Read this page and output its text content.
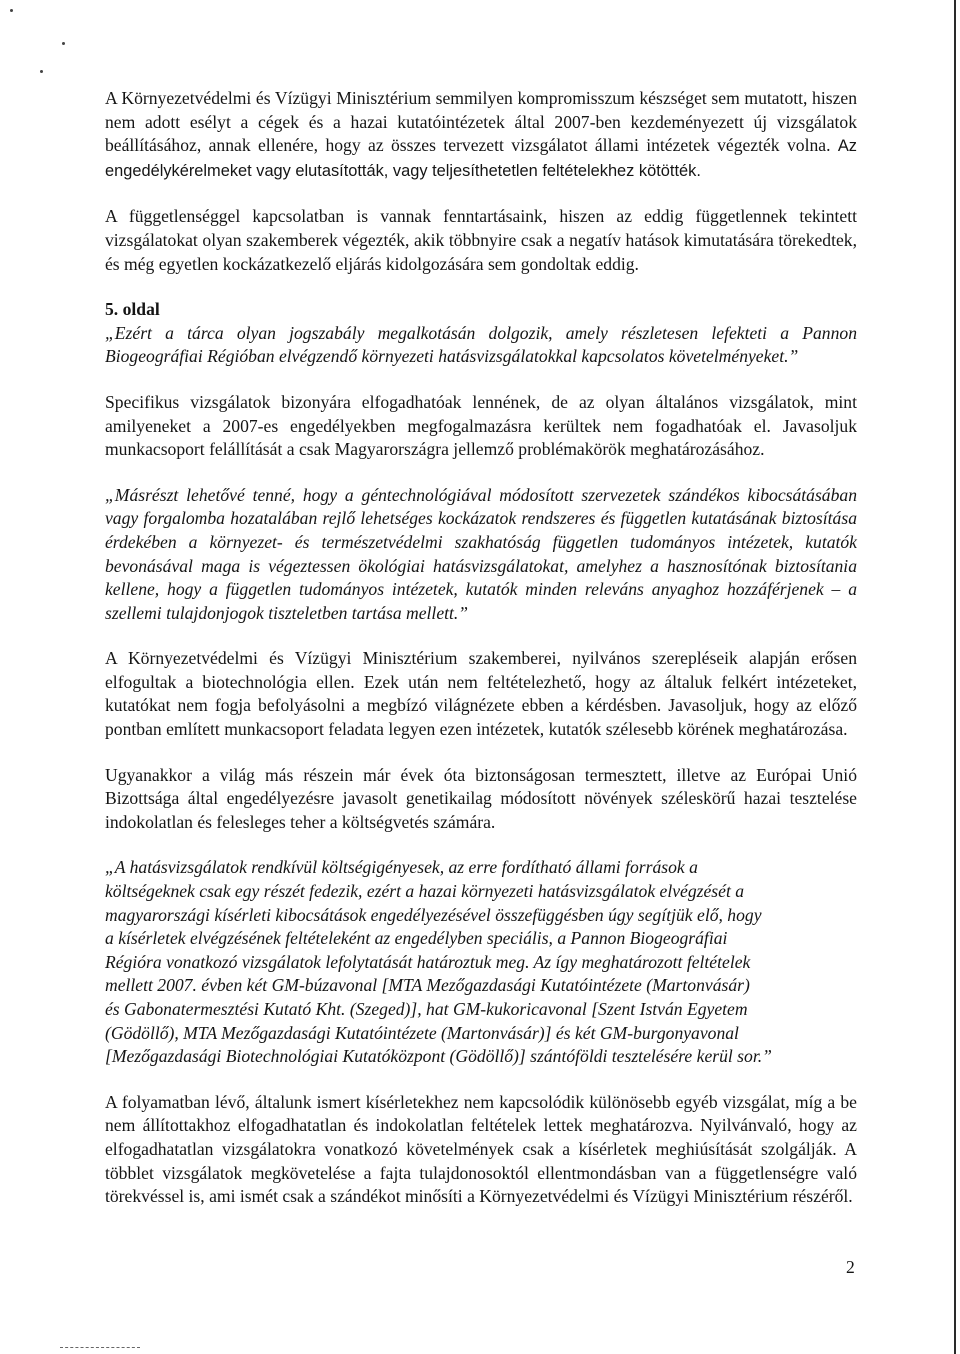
A Környezetvédelmi és Vízügyi Minisztérium semmilyen kompromisszum készséget sem mutatott, hiszen nem adott esélyt a cégek és a hazai kutatóintézetek által 2007-ben kezdeményezett új vizsgálatok beállításához, annak ellenére, hogy az összes tervezett vizsgálatot állami intézetek végezték volna. Az engedélykérelmeket vagy elutasították, vagy teljesíthetetlen feltételekhez kötötték.

A függetlenséggel kapcsolatban is vannak fenntartásaink, hiszen az eddig függetlennek tekintett vizsgálatokat olyan szakemberek végezték, akik többnyire csak a negatív hatások kimutatására törekedtek, és még egyetlen kockázatkezelő eljárás kidolgozására sem gondoltak eddig.

5. oldal

„Ezért a tárca olyan jogszabály megalkotásán dolgozik, amely részletesen lefekteti a Pannon Biogeográfiai Régióban elvégzendő környezeti hatásvizsgálatokkal kapcsolatos követelményeket.”

Specifikus vizsgálatok bizonyára elfogadhatóak lennének, de az olyan általános vizsgálatok, mint amilyeneket a 2007-es engedélyekben megfogalmazásra kerültek nem fogadhatóak el. Javasoljuk munkacsoport felállítását a csak Magyarországra jellemző problémakörök meghatározásához.

„Másrészt lehetővé tenné, hogy a géntechnológiával módosított szervezetek szándékos kibocsátásában vagy forgalomba hozatalában rejlő lehetséges kockázatok rendszeres és független kutatásának biztosítása érdekében a környezet- és természetvédelmi szakhatóság független tudományos intézetek, kutatók bevonásával maga is végeztessen ökológiai hatásvizsgálatokat, amelyhez a hasznosítónak biztosítania kellene, hogy a független tudományos intézetek, kutatók minden releváns anyaghoz hozzáférjenek – a szellemi tulajdonjogok tiszteletben tartása mellett.”

A Környezetvédelmi és Vízügyi Minisztérium szakemberei, nyilvános szerepléseik alapján erősen elfogultak a biotechnológia ellen. Ezek után nem feltételezhető, hogy az általuk felkért intézeteket, kutatókat nem fogja befolyásolni a megbízó világnézete ebben a kérdésben. Javasoljuk, hogy az előző pontban említett munkacsoport feladata legyen ezen intézetek, kutatók szélesebb körének meghatározása.

Ugyanakkor a világ más részein már évek óta biztonságosan termesztett, illetve az Európai Unió Bizottsága által engedélyezésre javasolt genetikailag módosított növények széleskörű hazai tesztelése indokolatlan és felesleges teher a költségvetés számára.

„A hatásvizsgálatok rendkívül költségigényesek, az erre fordítható állami források a
költségeknek csak egy részét fedezik, ezért a hazai környezeti hatásvizsgálatok elvégzését a
magyarországi kísérleti kibocsátások engedélyezésével összefüggésben úgy segítjük elő, hogy
a kísérletek elvégzésének feltételeként az engedélyben speciális, a Pannon Biogeográfiai
Régióra vonatkozó vizsgálatok lefolytatását határoztuk meg. Az így meghatározott feltételek
mellett 2007. évben két GM-búzavonal [MTA Mezőgazdasági Kutatóintézete (Martonvásár)
és Gabonatermesztési Kutató Kht. (Szeged)], hat GM-kukoricavonal [Szent István Egyetem
(Gödöllő), MTA Mezőgazdasági Kutatóintézete (Martonvásár)] és két GM-burgonyavonal
[Mezőgazdasági Biotechnológiai Kutatóközpont (Gödöllő)] szántóföldi tesztelésére kerül sor.”

A folyamatban lévő, általunk ismert kísérletekhez nem kapcsolódik különösebb egyéb vizsgálat, míg a be nem állítottakhoz elfogadhatatlan és indokolatlan feltételek lettek meghatározva. Nyilvánvaló, hogy az elfogadhatatlan vizsgálatokra vonatkozó követelmények csak a kísérletek meghiúsítását szolgálják. A többlet vizsgálatok megkövetelése a fajta tulajdonosoktól ellentmondásban van a függetlenségre való törekvéssel is, ami ismét csak a szándékot minősíti a Környezetvédelmi és Vízügyi Minisztérium részéről.

2
